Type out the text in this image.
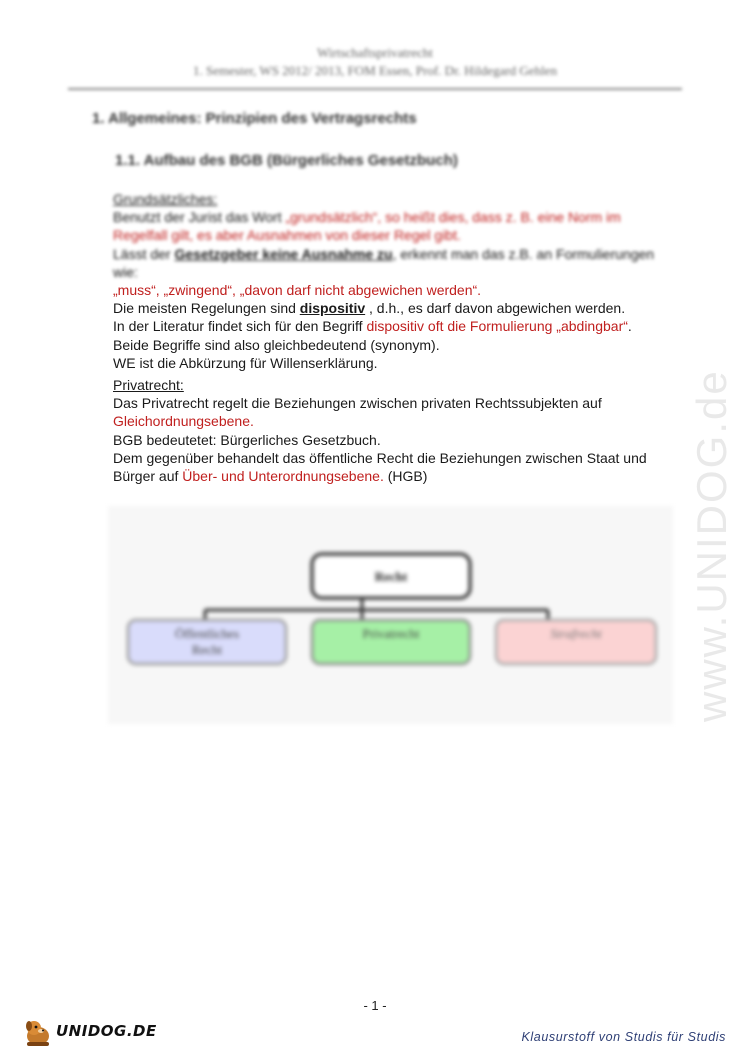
Wirtschaftsprivatrecht
1. Semester, WS 2012/ 2013, FOM Essen, Prof. Dr. Hildegard Gehlen
1. Allgemeines: Prinzipien des Vertragsrechts
1.1. Aufbau des BGB (Bürgerliches Gesetzbuch)
Grundsätzliches:
Benutzt der Jurist das Wort „grundsätzlich“, so heißt dies, dass z. B. eine Norm im Regelfall gilt, es aber Ausnahmen von dieser Regel gibt.
Lässt der Gesetzgeber keine Ausnahme zu, erkennt man das z.B. an Formulierungen wie:
„muss“, „zwingend“, „davon darf nicht abgewichen werden“.
Die meisten Regelungen sind dispositiv , d.h., es darf davon abgewichen werden.
In der Literatur findet sich für den Begriff dispositiv oft die Formulierung „abdingbar“.
Beide Begriffe sind also gleichbedeutend (synonym).
WE ist die Abkürzung für Willenserklärung.
Privatrecht:
Das Privatrecht regelt die Beziehungen zwischen privaten Rechtssubjekten auf
Gleichordnungsebene.
BGB bedeutetet: Bürgerliches Gesetzbuch.
Dem gegenüber behandelt das öffentliche Recht die Beziehungen zwischen Staat und
Bürger auf Über- und Unterordnungsebene. (HGB)
Recht
Öffentliches
Recht
Privatrecht	Strafrecht www.UNIDOG.de
- 1 -
UNIDOG.DE	Klausurstoff von Studis für Studis
